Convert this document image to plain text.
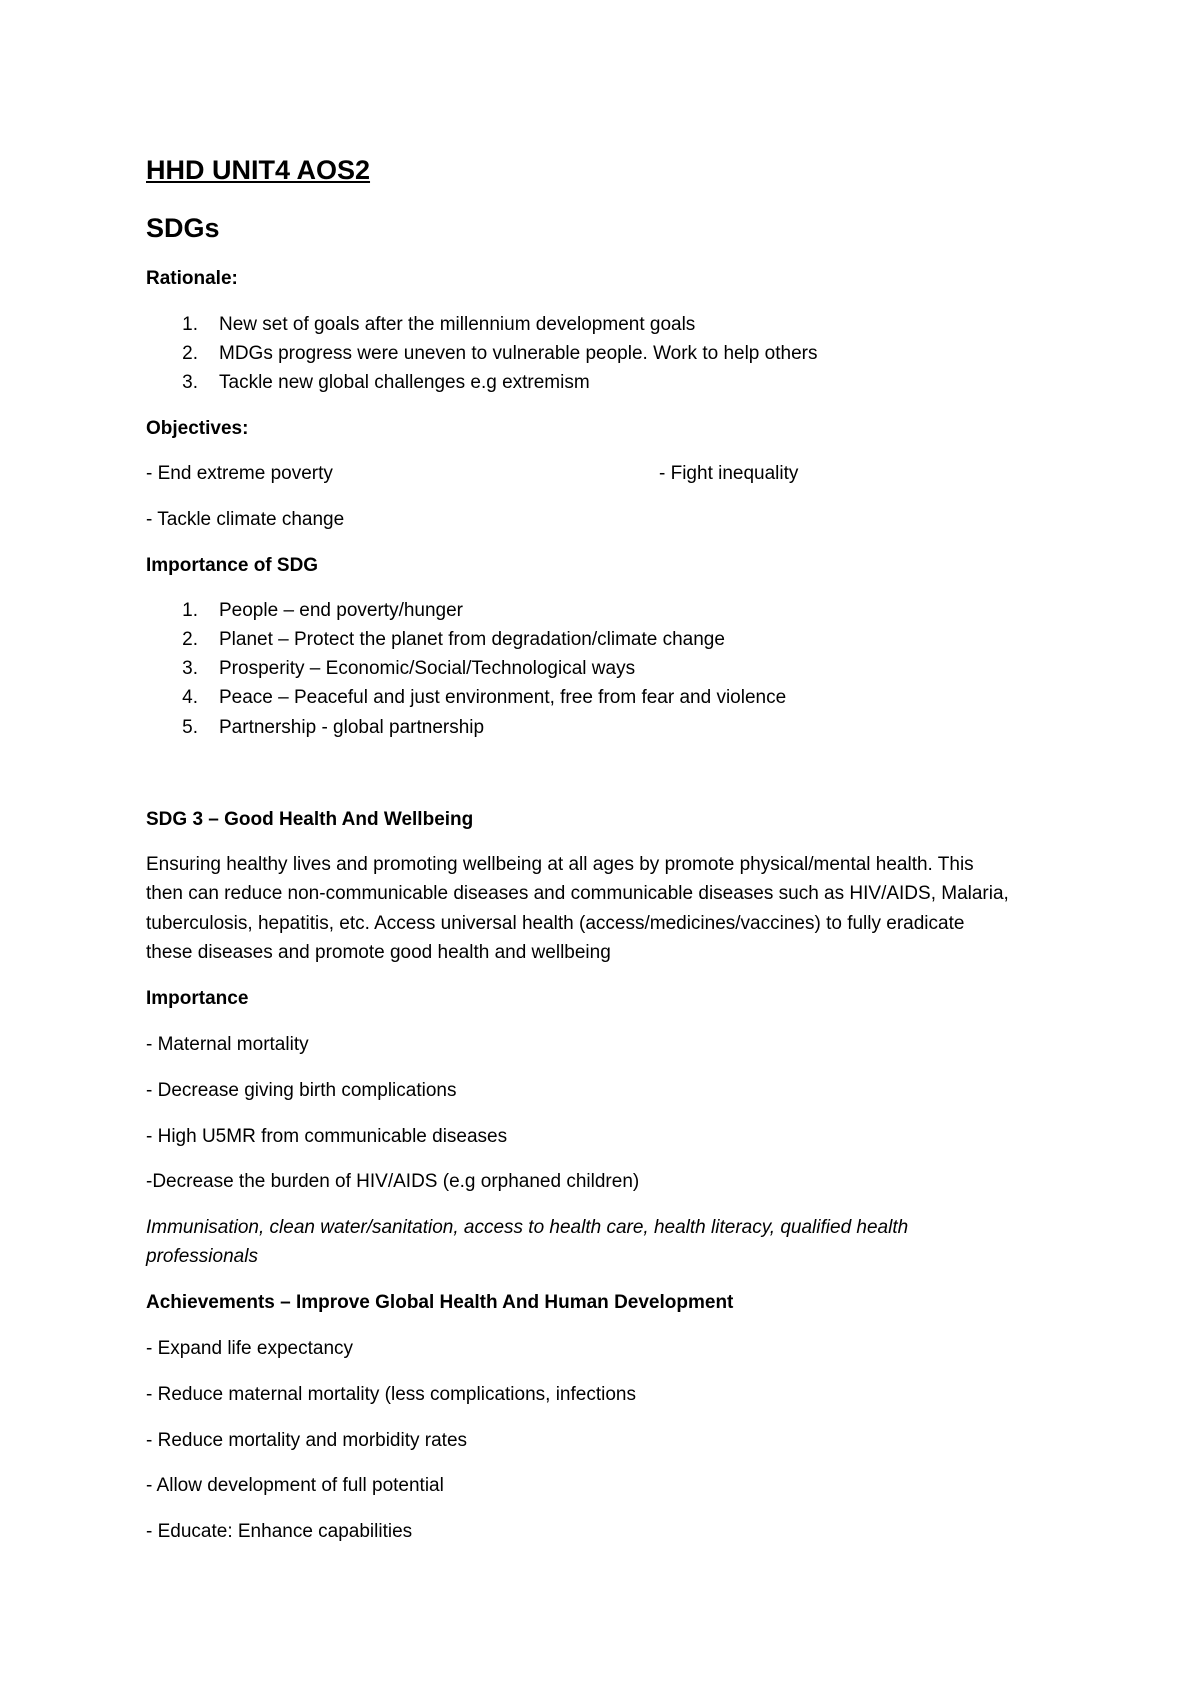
HHD UNIT4 AOS2
SDGs
Rationale:
1. New set of goals after the millennium development goals
2. MDGs progress were uneven to vulnerable people. Work to help others
3. Tackle new global challenges e.g extremism
Objectives:
- End extreme poverty	- Fight inequality
- Tackle climate change
Importance of SDG
1. People – end poverty/hunger
2. Planet – Protect the planet from degradation/climate change
3. Prosperity – Economic/Social/Technological ways
4. Peace – Peaceful and just environment, free from fear and violence
5. Partnership - global partnership
SDG 3 – Good Health And Wellbeing
Ensuring healthy lives and promoting wellbeing at all ages by promote physical/mental health. This
then can reduce non-communicable diseases and communicable diseases such as HIV/AIDS, Malaria,
tuberculosis, hepatitis, etc. Access universal health (access/medicines/vaccines) to fully eradicate
these diseases and promote good health and wellbeing
Importance
- Maternal mortality
- Decrease giving birth complications
- High U5MR from communicable diseases
-Decrease the burden of HIV/AIDS (e.g orphaned children)
Immunisation, clean water/sanitation, access to health care, health literacy, qualified health
professionals
Achievements – Improve Global Health And Human Development
- Expand life expectancy
- Reduce maternal mortality (less complications, infections
- Reduce mortality and morbidity rates
- Allow development of full potential
- Educate: Enhance capabilities
